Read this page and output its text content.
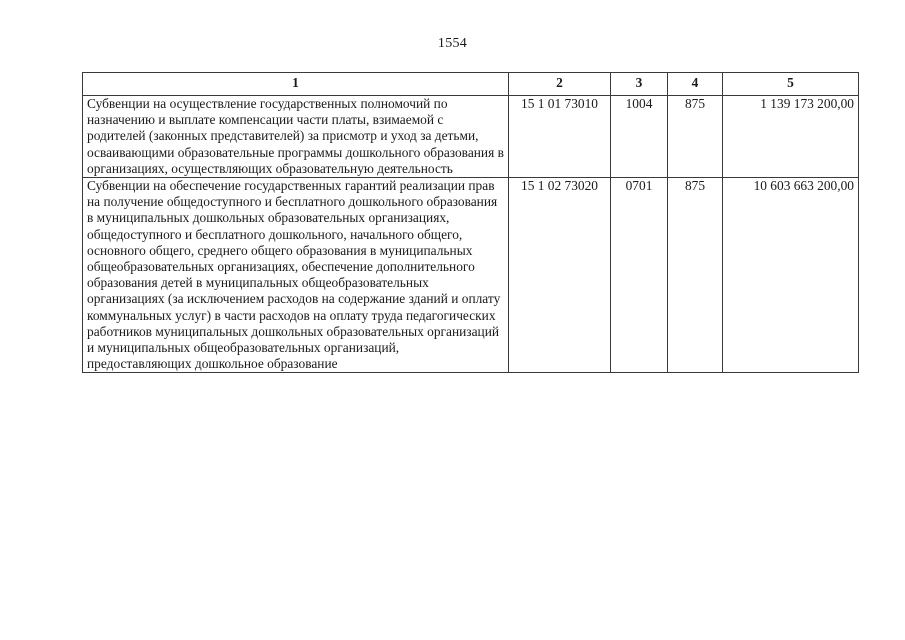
1554
1	2	3	4	5
Субвенции на осуществление государственных полномочий по назначению и выплате компенсации части платы, взимаемой с родителей (законных представителей) за присмотр и уход за детьми, осваивающими образовательные программы дошкольного образования в организациях, осуществляющих образовательную деятельность	15 1 01 73010	1004	875	1 139 173 200,00
Субвенции на обеспечение государственных гарантий реализации прав на получение общедоступного и бесплатного дошкольного образования в муниципальных дошкольных образовательных организациях, общедоступного и бесплатного дошкольного, начального общего, основного общего, среднего общего образования в муниципальных общеобразовательных организациях, обеспечение дополнительного образования детей в муниципальных общеобразовательных организациях (за исключением расходов на содержание зданий и оплату коммунальных услуг) в части расходов на оплату труда педагогических работников муниципальных дошкольных образовательных организаций и муниципальных общеобразовательных организаций, предоставляющих дошкольное образование	15 1 02 73020	0701	875	10 603 663 200,00
